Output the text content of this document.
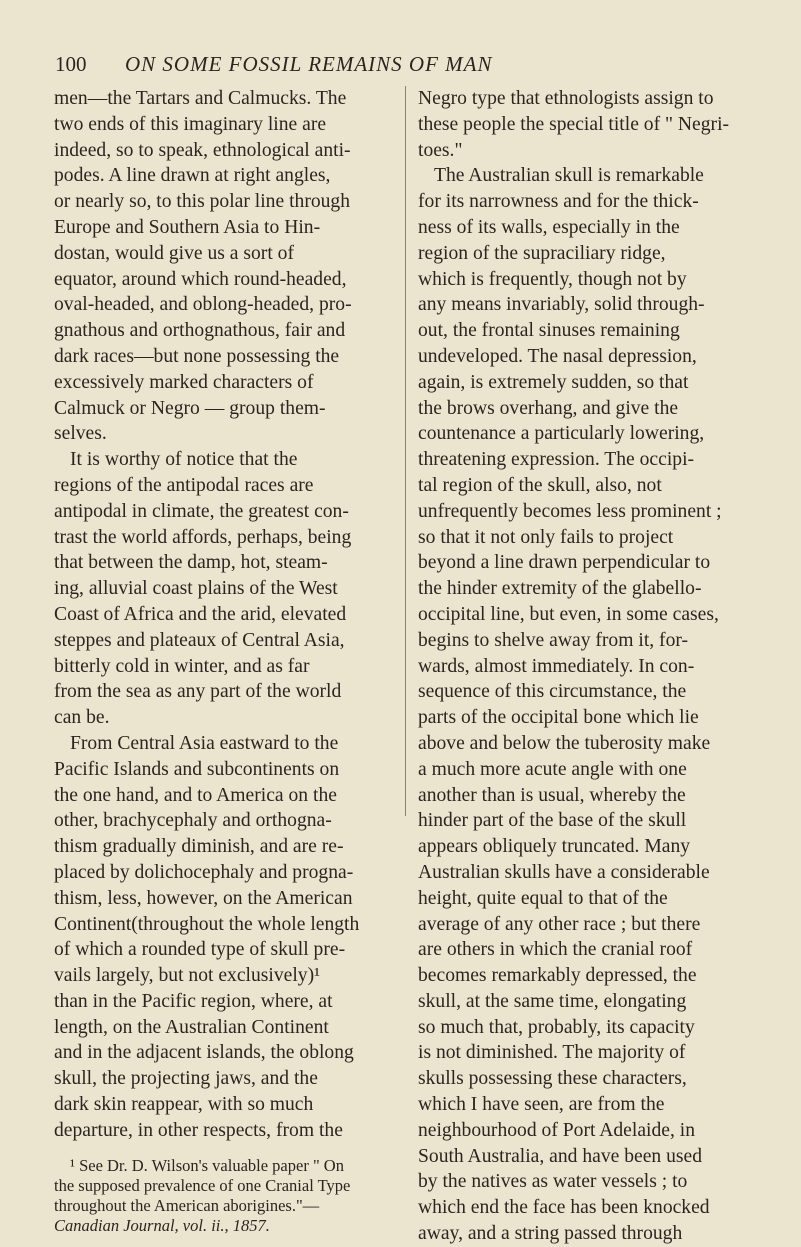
100 ON SOME FOSSIL REMAINS OF MAN
men—the Tartars and Calmucks. The
two ends of this imaginary line are
indeed, so to speak, ethnological anti-
podes. A line drawn at right angles,
or nearly so, to this polar line through
Europe and Southern Asia to Hin-
dostan, would give us a sort of
equator, around which round-headed,
oval-headed, and oblong-headed, pro-
gnathous and orthognathous, fair and
dark races—but none possessing the
excessively marked characters of
Calmuck or Negro — group them-
selves.
It is worthy of notice that the
regions of the antipodal races are
antipodal in climate, the greatest con-
trast the world affords, perhaps, being
that between the damp, hot, steam-
ing, alluvial coast plains of the West
Coast of Africa and the arid, elevated
steppes and plateaux of Central Asia,
bitterly cold in winter, and as far
from the sea as any part of the world
can be.
From Central Asia eastward to the
Pacific Islands and subcontinents on
the one hand, and to America on the
other, brachycephaly and orthogna-
thism gradually diminish, and are re-
placed by dolichocephaly and progna-
thism, less, however, on the American
Continent(throughout the whole length
of which a rounded type of skull pre-
vails largely, but not exclusively)¹
than in the Pacific region, where, at
length, on the Australian Continent
and in the adjacent islands, the oblong
skull, the projecting jaws, and the
dark skin reappear, with so much
departure, in other respects, from the
¹ See Dr. D. Wilson's valuable paper " On
the supposed prevalence of one Cranial Type
throughout the American aborigines."—
Canadian Journal, vol. ii., 1857.
Negro type that ethnologists assign to
these people the special title of " Negri-
toes."
The Australian skull is remarkable
for its narrowness and for the thick-
ness of its walls, especially in the
region of the supraciliary ridge,
which is frequently, though not by
any means invariably, solid through-
out, the frontal sinuses remaining
undeveloped. The nasal depression,
again, is extremely sudden, so that
the brows overhang, and give the
countenance a particularly lowering,
threatening expression. The occipi-
tal region of the skull, also, not
unfrequently becomes less prominent ;
so that it not only fails to project
beyond a line drawn perpendicular to
the hinder extremity of the glabello-
occipital line, but even, in some cases,
begins to shelve away from it, for-
wards, almost immediately. In con-
sequence of this circumstance, the
parts of the occipital bone which lie
above and below the tuberosity make
a much more acute angle with one
another than is usual, whereby the
hinder part of the base of the skull
appears obliquely truncated. Many
Australian skulls have a considerable
height, quite equal to that of the
average of any other race ; but there
are others in which the cranial roof
becomes remarkably depressed, the
skull, at the same time, elongating
so much that, probably, its capacity
is not diminished. The majority of
skulls possessing these characters,
which I have seen, are from the
neighbourhood of Port Adelaide, in
South Australia, and have been used
by the natives as water vessels ; to
which end the face has been knocked
away, and a string passed through
